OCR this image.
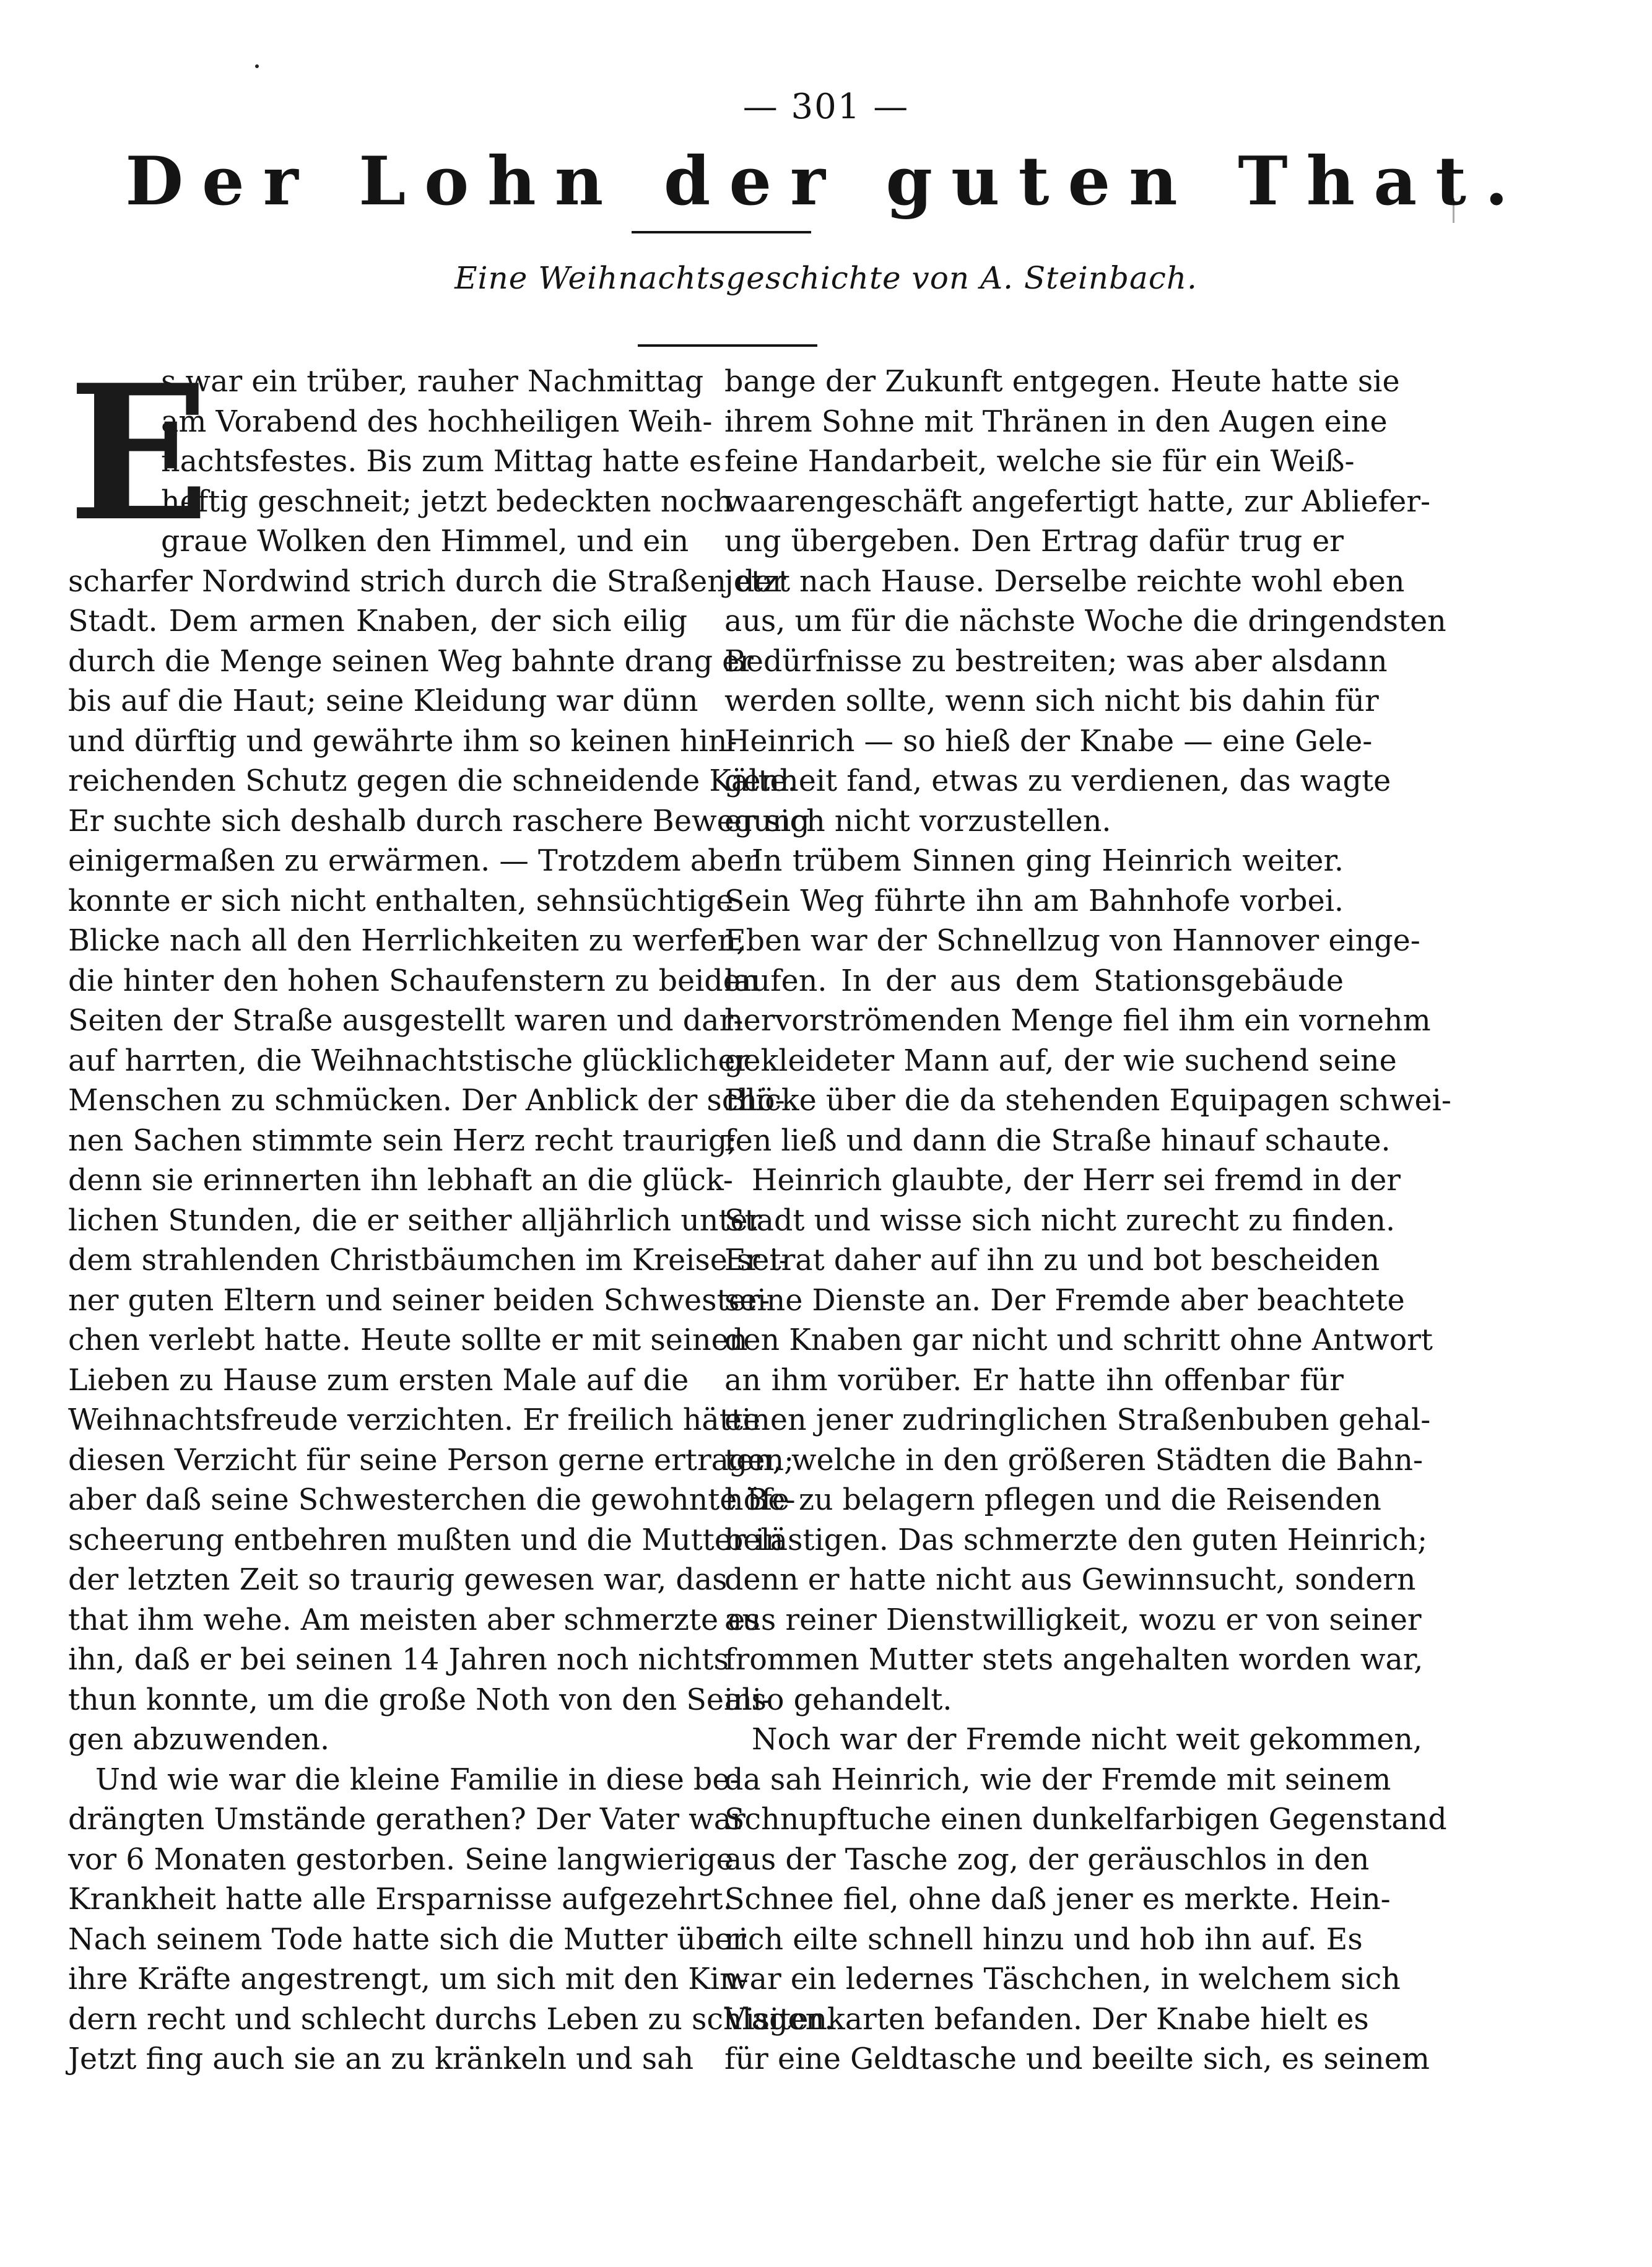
— 301 —
Der Lohn der guten That.
Eine Weihnachtsgeschichte von A. Steinbach.
E
s war ein trüber, rauher Nachmittag
am Vorabend des hochheiligen Weih-
nachtsfestes. Bis zum Mittag hatte es
heftig geschneit; jetzt bedeckten noch
graue Wolken den Himmel, und ein
scharfer Nordwind strich durch die Straßen der
Stadt. Dem armen Knaben, der sich eilig
durch die Menge seinen Weg bahnte drang er
bis auf die Haut; seine Kleidung war dünn
und dürftig und gewährte ihm so keinen hin-
reichenden Schutz gegen die schneidende Kälte.
Er suchte sich deshalb durch raschere Bewegung
einigermaßen zu erwärmen. — Trotzdem aber
konnte er sich nicht enthalten, sehnsüchtige
Blicke nach all den Herrlichkeiten zu werfen,
die hinter den hohen Schaufenstern zu beiden
Seiten der Straße ausgestellt waren und dar-
auf harrten, die Weihnachtstische glücklicher
Menschen zu schmücken. Der Anblick der schö-
nen Sachen stimmte sein Herz recht traurig;
denn sie erinnerten ihn lebhaft an die glück-
lichen Stunden, die er seither alljährlich unter
dem strahlenden Christbäumchen im Kreise sei-
ner guten Eltern und seiner beiden Schwester-
chen verlebt hatte. Heute sollte er mit seinen
Lieben zu Hause zum ersten Male auf die
Weihnachtsfreude verzichten. Er freilich hätte
diesen Verzicht für seine Person gerne ertragen;
aber daß seine Schwesterchen die gewohnte Be-
scheerung entbehren mußten und die Mutter in
der letzten Zeit so traurig gewesen war, das
that ihm wehe. Am meisten aber schmerzte es
ihn, daß er bei seinen 14 Jahren noch nichts
thun konnte, um die große Noth von den Seini-
gen abzuwenden.
Und wie war die kleine Familie in diese be-
drängten Umstände gerathen? Der Vater war
vor 6 Monaten gestorben. Seine langwierige
Krankheit hatte alle Ersparnisse aufgezehrt.
Nach seinem Tode hatte sich die Mutter über
ihre Kräfte angestrengt, um sich mit den Kin-
dern recht und schlecht durchs Leben zu schlagen.
Jetzt fing auch sie an zu kränkeln und sah
bange der Zukunft entgegen. Heute hatte sie
ihrem Sohne mit Thränen in den Augen eine
feine Handarbeit, welche sie für ein Weiß-
waarengeschäft angefertigt hatte, zur Abliefer-
ung übergeben. Den Ertrag dafür trug er
jetzt nach Hause. Derselbe reichte wohl eben
aus, um für die nächste Woche die dringendsten
Bedürfnisse zu bestreiten; was aber alsdann
werden sollte, wenn sich nicht bis dahin für
Heinrich — so hieß der Knabe — eine Gele-
genheit fand, etwas zu verdienen, das wagte
er sich nicht vorzustellen.
In trübem Sinnen ging Heinrich weiter.
Sein Weg führte ihn am Bahnhofe vorbei.
Eben war der Schnellzug von Hannover einge-
laufen. In der aus dem Stationsgebäude
hervorströmenden Menge fiel ihm ein vornehm
gekleideter Mann auf, der wie suchend seine
Blicke über die da stehenden Equipagen schwei-
fen ließ und dann die Straße hinauf schaute.
Heinrich glaubte, der Herr sei fremd in der
Stadt und wisse sich nicht zurecht zu finden.
Er trat daher auf ihn zu und bot bescheiden
seine Dienste an. Der Fremde aber beachtete
den Knaben gar nicht und schritt ohne Antwort
an ihm vorüber. Er hatte ihn offenbar für
einen jener zudringlichen Straßenbuben gehal-
ten, welche in den größeren Städten die Bahn-
höfe zu belagern pflegen und die Reisenden
belästigen. Das schmerzte den guten Heinrich;
denn er hatte nicht aus Gewinnsucht, sondern
aus reiner Dienstwilligkeit, wozu er von seiner
frommen Mutter stets angehalten worden war,
also gehandelt.
Noch war der Fremde nicht weit gekommen,
da sah Heinrich, wie der Fremde mit seinem
Schnupftuche einen dunkelfarbigen Gegenstand
aus der Tasche zog, der geräuschlos in den
Schnee fiel, ohne daß jener es merkte. Hein-
rich eilte schnell hinzu und hob ihn auf. Es
war ein ledernes Täschchen, in welchem sich
Visitenkarten befanden. Der Knabe hielt es
für eine Geldtasche und beeilte sich, es seinem
